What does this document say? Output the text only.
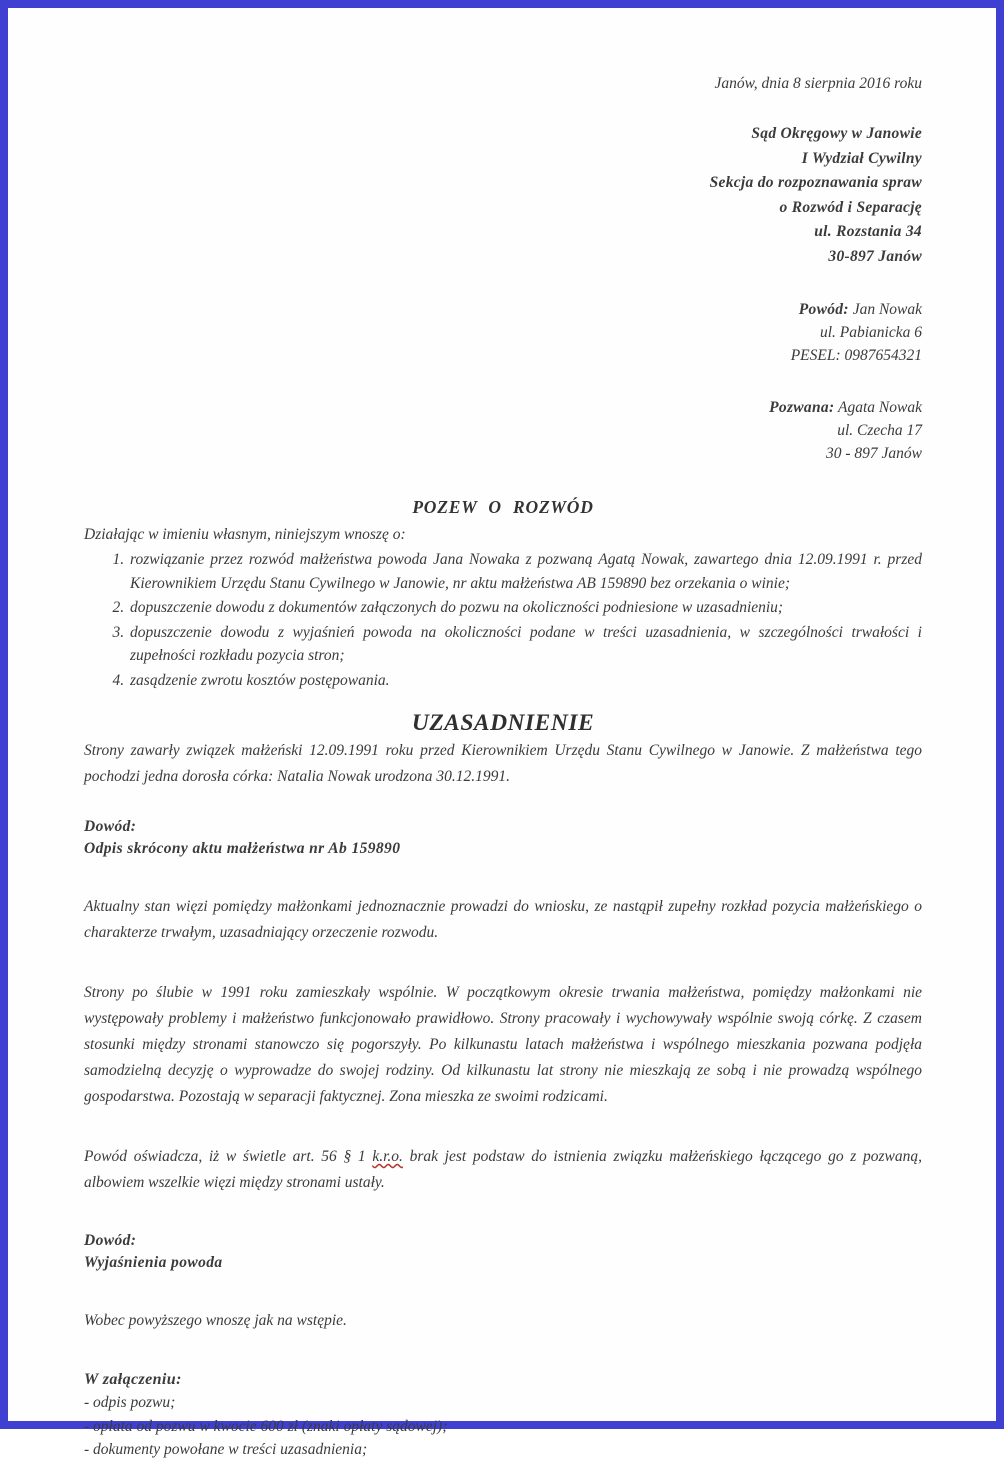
Janów, dnia 8 sierpnia 2016 roku
Sąd Okręgowy w Janowie
I Wydział Cywilny
Sekcja do rozpoznawania spraw
o Rozwód i Separację
ul. Rozstania 34
30-897 Janów
Powód: Jan Nowak
ul. Pabianicka 6
PESEL: 0987654321
Pozwana: Agata Nowak
ul. Czecha 17
30 - 897 Janów
POZEW O ROZWÓD
Działając w imieniu własnym, niniejszym wnoszę o:
1. rozwiązanie przez rozwód małżeństwa powoda Jana Nowaka z pozwaną Agatą Nowak, zawartego dnia 12.09.1991 r. przed Kierownikiem Urzędu Stanu Cywilnego w Janowie, nr aktu małżeństwa AB 159890 bez orzekania o winie;
2. dopuszczenie dowodu z dokumentów załączonych do pozwu na okoliczności podniesione w uzasadnieniu;
3. dopuszczenie dowodu z wyjaśnień powoda na okoliczności podane w treści uzasadnienia, w szczególności trwałości i zupełności rozkładu pozycia stron;
4. zasądzenie zwrotu kosztów postępowania.
UZASADNIENIE
Strony zawarły związek małżeński 12.09.1991 roku przed Kierownikiem Urzędu Stanu Cywilnego w Janowie. Z małżeństwa tego pochodzi jedna dorosła córka: Natalia Nowak urodzona 30.12.1991.
Dowód:
Odpis skrócony aktu małżeństwa nr Ab 159890
Aktualny stan więzi pomiędzy małżonkami jednoznacznie prowadzi do wniosku, ze nastąpił zupełny rozkład pozycia małżeńskiego o charakterze trwałym, uzasadniający orzeczenie rozwodu.
Strony po ślubie w 1991 roku zamieszkały wspólnie. W początkowym okresie trwania małżeństwa, pomiędzy małżonkami nie występowały problemy i małżeństwo funkcjonowało prawidłowo. Strony pracowały i wychowywały wspólnie swoją córkę. Z czasem stosunki między stronami stanowczo się pogorszyły. Po kilkunastu latach małżeństwa i wspólnego mieszkania pozwana podjęła samodzielną decyzję o wyprowadze do swojej rodziny. Od kilkunastu lat strony nie mieszkają ze sobą i nie prowadzą wspólnego gospodarstwa. Pozostają w separacji faktycznej. Zona mieszka ze swoimi rodzicami.
Powód oświadcza, iż w świetle art. 56 § 1 k.r.o. brak jest podstaw do istnienia związku małżeńskiego łączącego go z pozwaną, albowiem wszelkie więzi między stronami ustały.
Dowód:
Wyjaśnienia powoda
Wobec powyższego wnoszę jak na wstępie.
W załączeniu:
- odpis pozwu;
- opłata od pozwu w kwocie 600 zł (znaki opłaty sądowej);
- dokumenty powołane w treści uzasadnienia;
